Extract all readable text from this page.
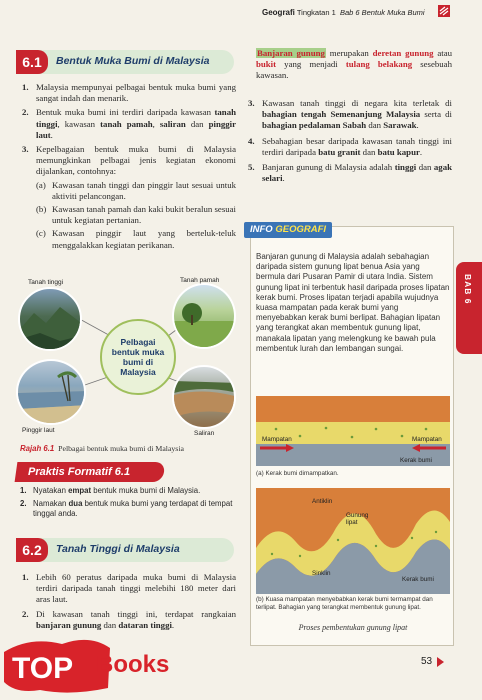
Geografi Tingkatan 1 Bab 6 Bentuk Muka Bumi
6.1	Bentuk Muka Bumi di Malaysia
1. Malaysia mempunyai pelbagai bentuk muka bumi yang sangat indah dan menarik.
2. Bentuk muka bumi ini terdiri daripada kawasan tanah tinggi, kawasan tanah pamah, saliran dan pinggir laut.
3. Kepelbagaian bentuk muka bumi di Malaysia memungkinkan pelbagai jenis kegiatan ekonomi dijalankan, contohnya:
(a) Kawasan tanah tinggi dan pinggir laut sesuai untuk aktiviti pelancongan.
(b) Kawasan tanah pamah dan kaki bukit beralun sesuai untuk kegiatan pertanian.
(c) Kawasan pinggir laut yang berteluk-teluk menggalakkan kegiatan perikanan.
Pelbagai bentuk muka bumi di Malaysia
Tanah tinggi	Tanah pamah
Pinggir laut	Saliran
Rajah 6.1 Pelbagai bentuk muka bumi di Malaysia
Praktis Formatif 6.1
1. Nyatakan empat bentuk muka bumi di Malaysia.
2. Namakan dua bentuk muka bumi yang terdapat di tempat tinggal anda.
6.2	Tanah Tinggi di Malaysia
1. Lebih 60 peratus daripada muka bumi di Malaysia terdiri daripada tanah tinggi melebihi 180 meter dari aras laut.
2. Di kawasan tanah tinggi ini, terdapat rangkaian banjaran gunung dan dataran tinggi.
Banjaran gunung merupakan deretan gunung atau bukit yang menjadi tulang belakang sesebuah kawasan.
3. Kawasan tanah tinggi di negara kita terletak di bahagian tengah Semenanjung Malaysia serta di bahagian pedalaman Sabah dan Sarawak.
4. Sebahagian besar daripada kawasan tanah tinggi ini terdiri daripada batu granit dan batu kapur.
5. Banjaran gunung di Malaysia adalah tinggi dan agak selari.
INFO GEOGRAFI
Banjaran gunung di Malaysia adalah sebahagian daripada sistem gunung lipat benua Asia yang bermula dari Pusaran Pamir di utara India. Sistem gunung lipat ini terbentuk hasil daripada proses lipatan kerak bumi. Proses lipatan terjadi apabila wujudnya kuasa mampatan pada kerak bumi yang menyebabkan kerak bumi berlipat. Bahagian lipatan yang terangkat akan membentuk gunung lipat, manakala lipatan yang melengkung ke bawah pula membentuk lurah dan lembangan sungai.
Mampatan	Mampatan
Kerak bumi
(a) Kerak bumi dimampatkan.
Antiklin
Gunung lipat
Sinklin
Kerak bumi
(b) Kuasa mampatan menyebabkan kerak bumi termampat dan terlipat. Bahagian yang terangkat membentuk gunung lipat.
Proses pembentukan gunung lipat
BAB 6
53
TOP Books
